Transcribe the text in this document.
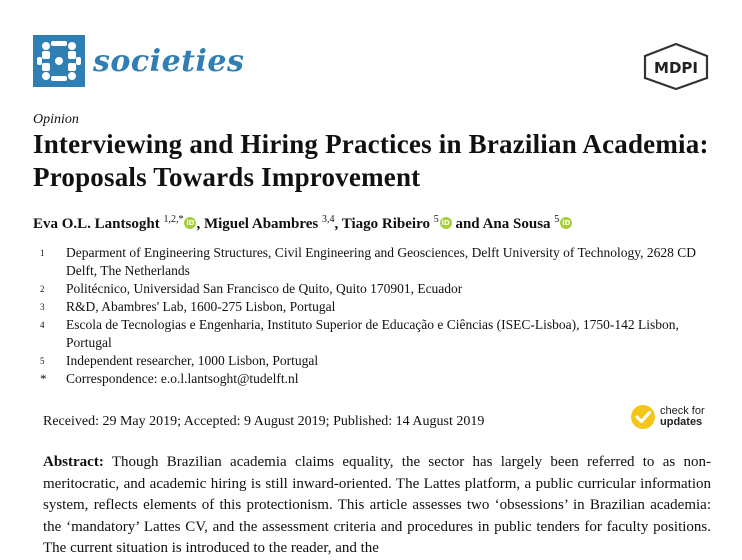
societies	MDPI
Opinion
Interviewing and Hiring Practices in Brazilian Academia: Proposals Towards Improvement
Eva O.L. Lantsoght $^{1,2,*}$ iD , Miguel Abambres $^{3,4}$, Tiago Ribeiro $^5$ iD and Ana Sousa $^5$ iD
1	Deparment of Engineering Structures, Civil Engineering and Geosciences, Delft University of Technology, 2628 CD Delft, The Netherlands
2	Politécnico, Universidad San Francisco de Quito, Quito 170901, Ecuador
3	R&D, Abambres' Lab, 1600-275 Lisbon, Portugal
4	Escola de Tecnologias e Engenharia, Instituto Superior de Educação e Ciências (ISEC-Lisboa), 1750-142 Lisbon, Portugal
5	Independent researcher, 1000 Lisbon, Portugal
*	Correspondence: e.o.l.lantsoght@tudelft.nl
Received: 29 May 2019; Accepted: 9 August 2019; Published: 14 August 2019
check for
updates
Abstract: Though Brazilian academia claims equality, the sector has largely been referred to as non-meritocratic, and academic hiring is still inward-oriented. The Lattes platform, a public curricular information system, reflects elements of this protectionism. This article assesses two ‘obsessions’ in Brazilian academia: the ‘mandatory’ Lattes CV, and the assessment criteria and procedures in public tenders for faculty positions. The current situation is introduced to the reader, and the
